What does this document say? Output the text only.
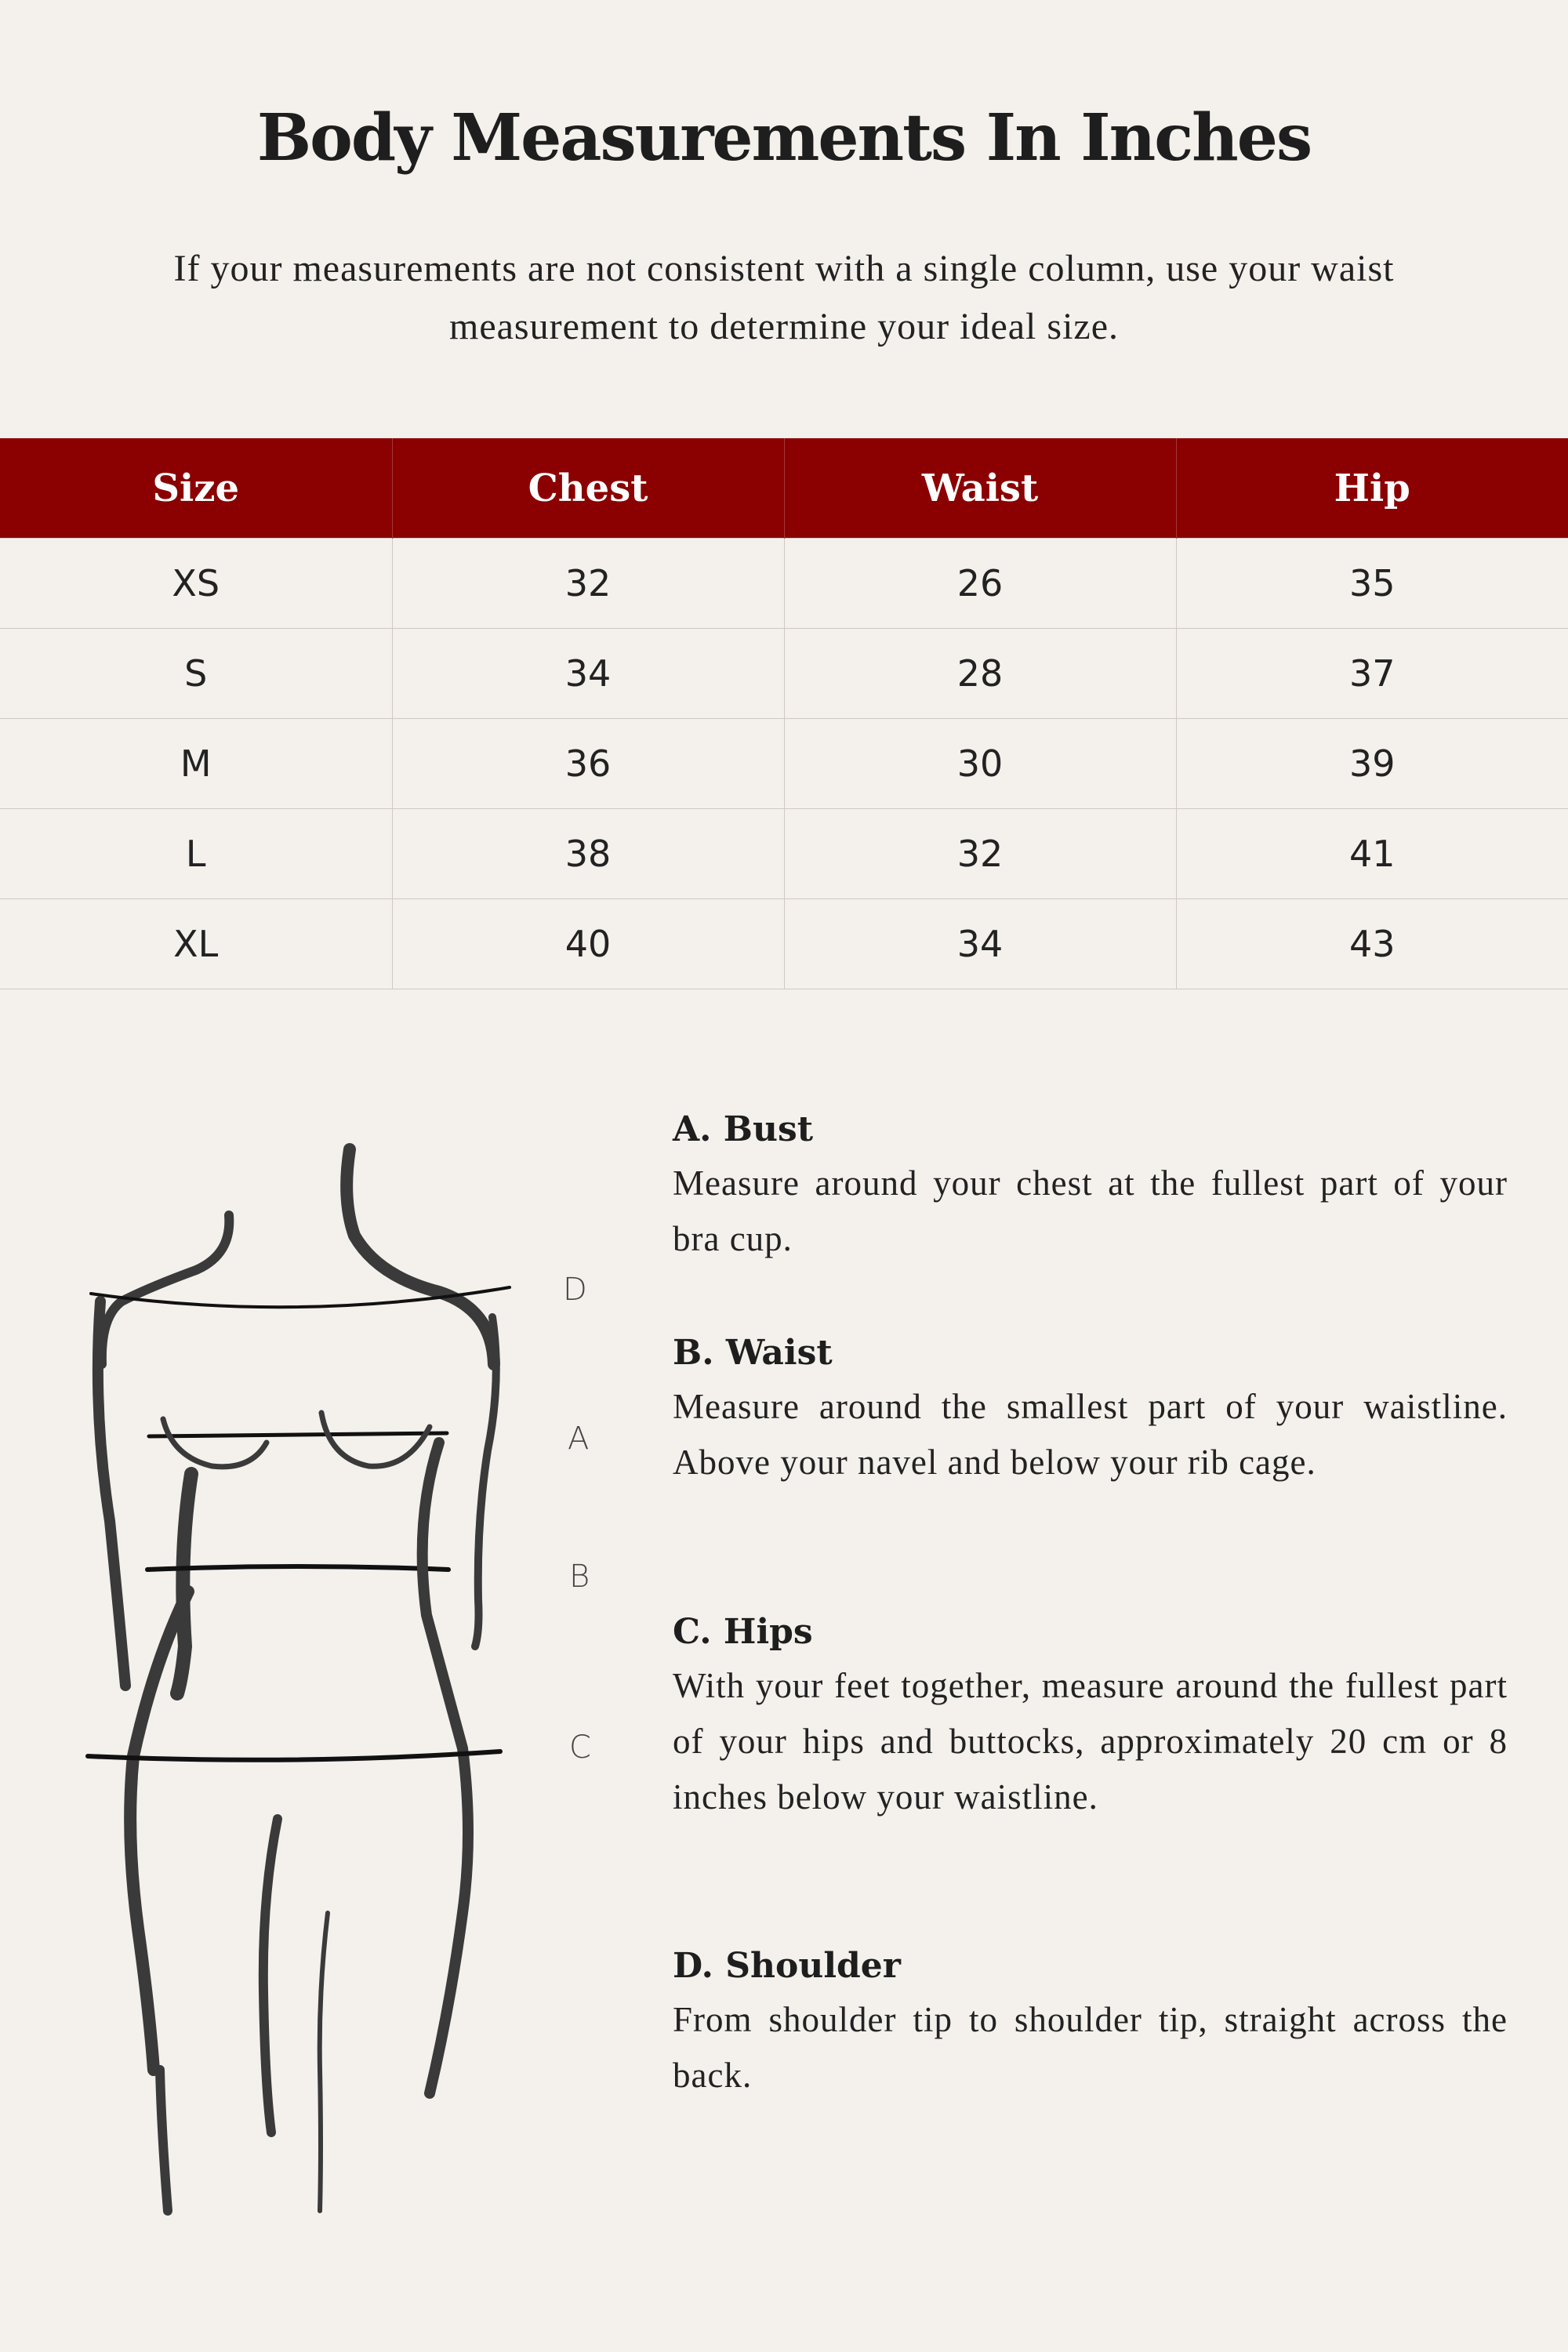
Body Measurements In Inches
If your measurements are not consistent with a single column, use your waist measurement to determine your ideal size.
Size	Chest	Waist	Hip
XS	32	26	35
S	34	28	37
M	36	30	39
L	38	32	41
XL	40	34	43
D
A
B
C
A. Bust

Measure around your chest at the fullest part of your bra cup.

B. Waist

Measure around the smallest part of your waistline. Above your navel and below your rib cage.

C. Hips

With your feet together, measure around the fullest part of your hips and buttocks, approximately 20 cm or 8 inches below your waistline.

D. Shoulder

From shoulder tip to shoulder tip, straight across the back.
